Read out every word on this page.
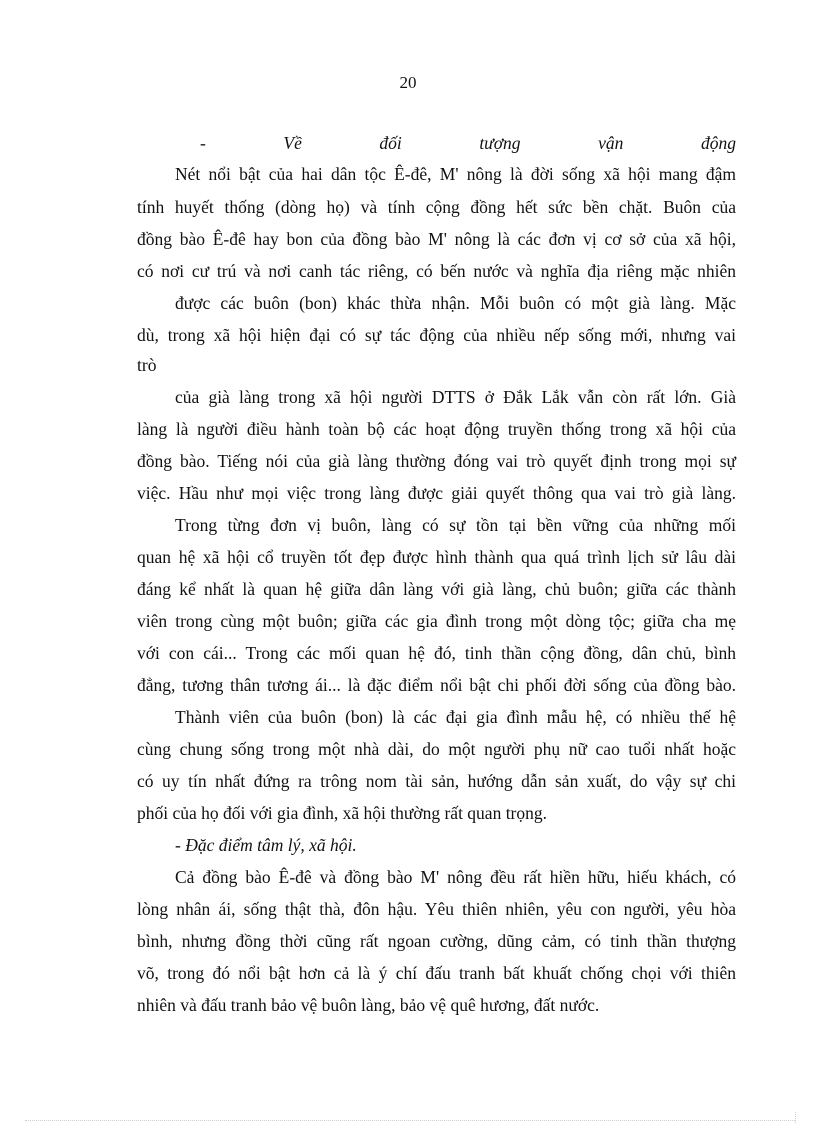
20
-	Về	đối	tượng	vận	động
Nét nổi bật của hai dân tộc Ê-đê, M' nông là đời sống xã hội mang đậm
tính huyết thống (dòng họ) và tính cộng đồng hết sức bền chặt. Buôn của
đồng bào Ê-đê hay bon của đồng bào M' nông là các đơn vị cơ sở của xã hội,
có nơi cư trú và nơi canh tác riêng, có bến nước và nghĩa địa riêng mặc nhiên
được các buôn (bon) khác thừa nhận. Mỗi buôn có một già làng. Mặc
dù, trong xã hội hiện đại có sự tác động của nhiều nếp sống mới, nhưng vai
trò
của già làng trong xã hội người DTTS ở Đắk Lắk vẫn còn rất lớn. Già
làng là người điều hành toàn bộ các hoạt động truyền thống trong xã hội của
đồng bào. Tiếng nói của già làng thường đóng vai trò quyết định trong mọi sự
việc. Hầu như mọi việc trong làng được giải quyết thông qua vai trò già làng.
Trong từng đơn vị buôn, làng có sự tồn tại bền vững của những mối
quan hệ xã hội cổ truyền tốt đẹp được hình thành qua quá trình lịch sử lâu dài
đáng kể nhất là quan hệ giữa dân làng với già làng, chủ buôn; giữa các thành
viên trong cùng một buôn; giữa các gia đình trong một dòng tộc; giữa cha mẹ
với con cái... Trong các mối quan hệ đó, tinh thần cộng đồng, dân chủ, bình
đẳng, tương thân tương ái... là đặc điểm nổi bật chi phối đời sống của đồng bào.
Thành viên của buôn (bon) là các đại gia đình mẫu hệ, có nhiều thế hệ
cùng chung sống trong một nhà dài, do một người phụ nữ cao tuổi nhất hoặc
có uy tín nhất đứng ra trông nom tài sản, hướng dẫn sản xuất, do vậy sự chi
phối của họ đối với gia đình, xã hội thường rất quan trọng.
- Đặc điểm tâm lý, xã hội.
Cả đồng bào Ê-đê và đồng bào M' nông đều rất hiền hữu, hiếu khách, có
lòng nhân ái, sống thật thà, đôn hậu. Yêu thiên nhiên, yêu con người, yêu hòa
bình, nhưng đồng thời cũng rất ngoan cường, dũng cảm, có tinh thần thượng
võ, trong đó nổi bật hơn cả là ý chí đấu tranh bất khuất chống chọi với thiên
nhiên và đấu tranh bảo vệ buôn làng, bảo vệ quê hương, đất nước.
